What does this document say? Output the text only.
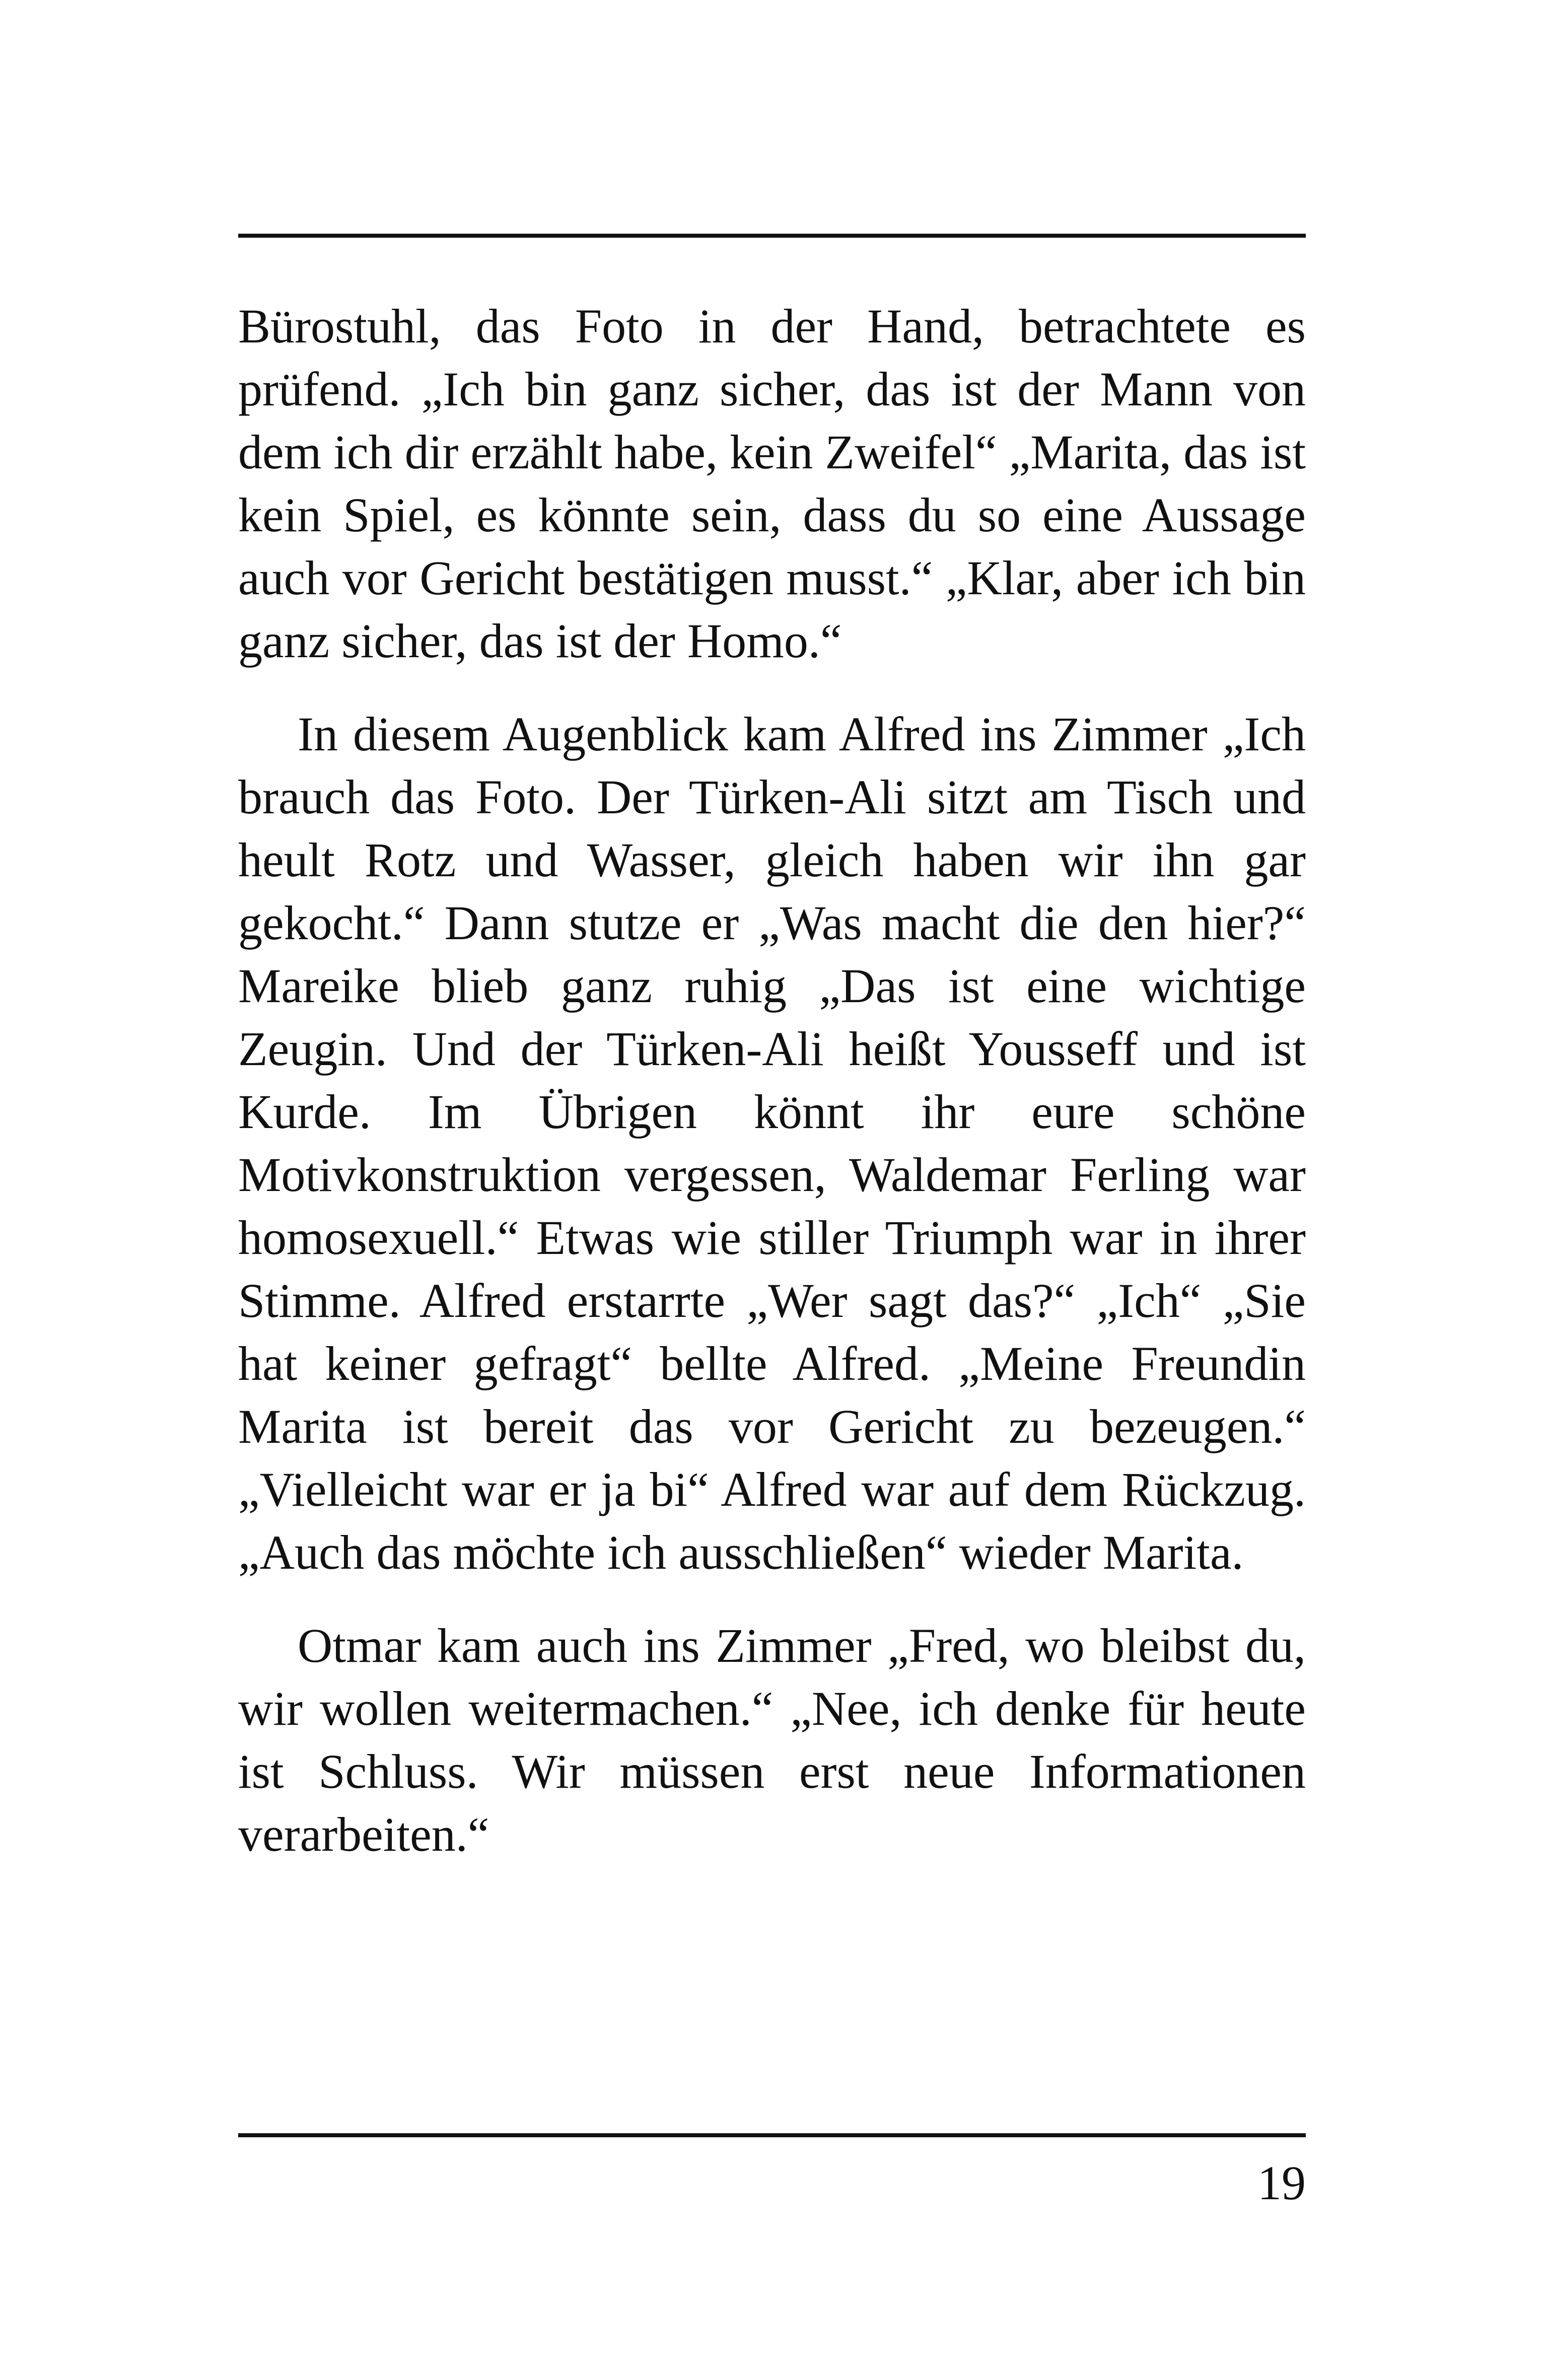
Bürostuhl, das Foto in der Hand, betrachtete es prüfend. „Ich bin ganz sicher, das ist der Mann von dem ich dir erzählt habe, kein Zweifel“ „Marita, das ist kein Spiel, es könnte sein, dass du so eine Aussage auch vor Gericht bestätigen musst.“ „Klar, aber ich bin ganz sicher, das ist der Homo.“

In diesem Augenblick kam Alfred ins Zimmer „Ich brauch das Foto. Der Türken-Ali sitzt am Tisch und heult Rotz und Wasser, gleich haben wir ihn gar gekocht.“ Dann stutze er „Was macht die den hier?“ Mareike blieb ganz ruhig „Das ist eine wichtige Zeugin. Und der Türken-Ali heißt Yousseff und ist Kurde. Im Übrigen könnt ihr eure schöne Motivkonstruktion vergessen, Waldemar Ferling war homosexuell.“ Etwas wie stiller Triumph war in ihrer Stimme. Alfred erstarrte „Wer sagt das?“ „Ich“ „Sie hat keiner gefragt“ bellte Alfred. „Meine Freundin Marita ist bereit das vor Gericht zu bezeugen.“ „Vielleicht war er ja bi“ Alfred war auf dem Rückzug. „Auch das möchte ich ausschließen“ wieder Marita.

Otmar kam auch ins Zimmer „Fred, wo bleibst du, wir wollen weitermachen.“ „Nee, ich denke für heute ist Schluss. Wir müssen erst neue Informationen verarbeiten.“

19
